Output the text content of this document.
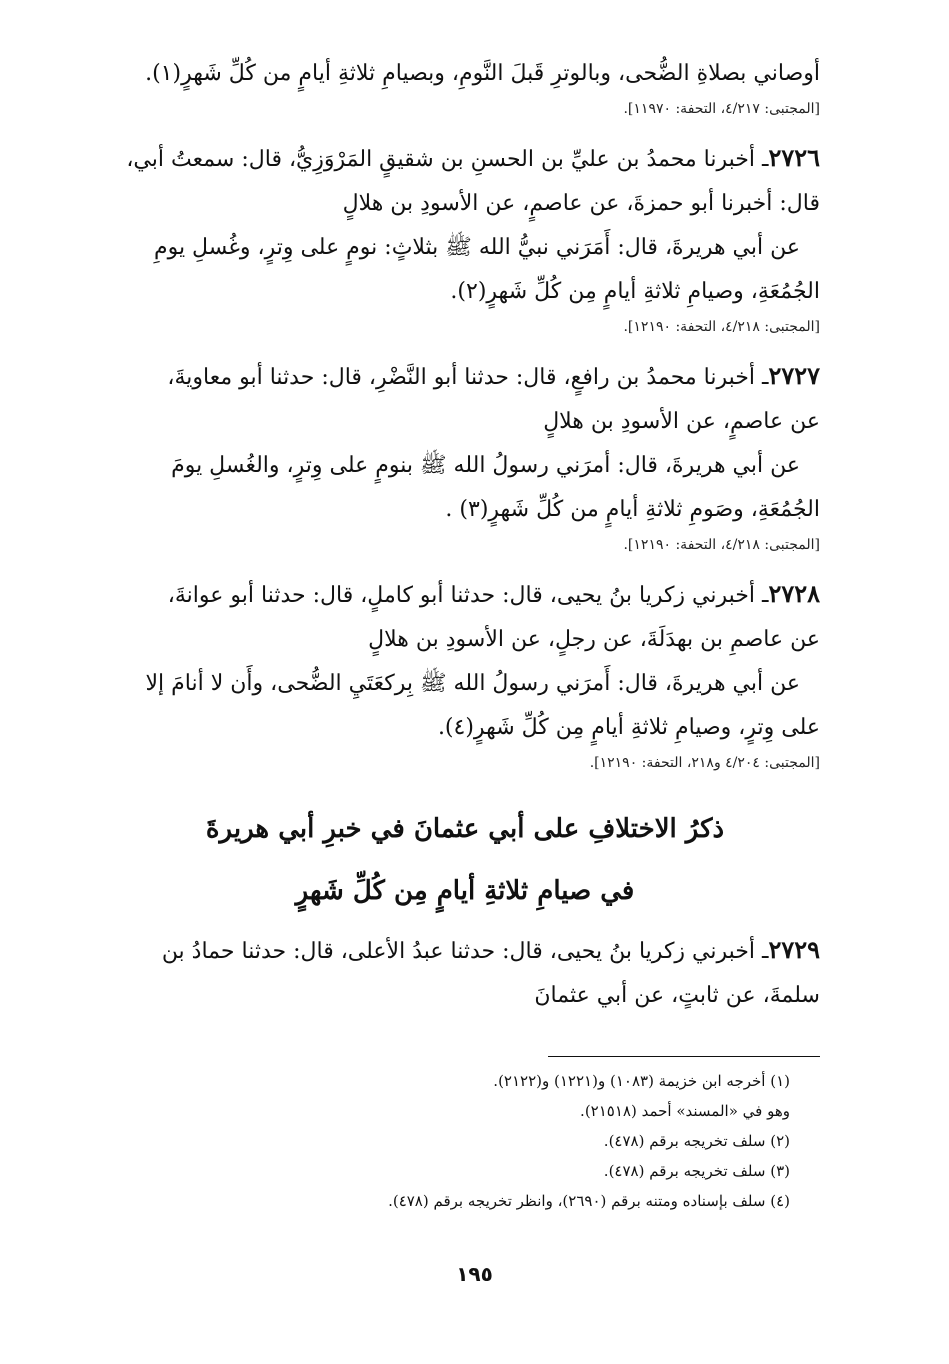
أوصاني بصلاةِ الضُّحى، وبالوترِ قَبلَ النَّومِ، وبصيامِ ثلاثةِ أيامٍ من كُلِّ شَهرٍ(١).
[المجتبى: ٤/٢١٧، التحفة: ١١٩٧٠].
٢٧٢٦ـ أخبرنا محمدُ بن عليِّ بن الحسنِ بن شقيقٍ المَرْوَزِيُّ، قال: سمعتُ أبي،
قال: أخبرنا أبو حمزةَ، عن عاصمٍ، عن الأسودِ بن هلالٍ
عن أبي هريرةَ، قال: أَمَرَني نبيُّ الله ﷺ بثلاثٍ: نومٍ على وِترٍ، وغُسلِ يومِ
الجُمُعَةِ، وصيامِ ثلاثةِ أيامٍ مِن كُلِّ شَهرٍ(٢).
[المجتبى: ٤/٢١٨، التحفة: ١٢١٩٠].
٢٧٢٧ـ أخبرنا محمدُ بن رافعٍ، قال: حدثنا أبو النَّضْرِ، قال: حدثنا أبو معاويةَ،
عن عاصمٍ، عن الأسودِ بن هلالٍ
عن أبي هريرةَ، قال: أمرَني رسولُ الله ﷺ بنومٍ على وِترٍ، والغُسلِ يومَ
الجُمُعَةِ، وصَومِ ثلاثةِ أيامٍ من كُلِّ شَهرٍ(٣) .
[المجتبى: ٤/٢١٨، التحفة: ١٢١٩٠].
٢٧٢٨ـ أخبرني زكريا بنُ يحيى، قال: حدثنا أبو كاملٍ، قال: حدثنا أبو عوانةَ،
عن عاصمِ بن بهدَلَةَ، عن رجلٍ، عن الأسودِ بن هلالٍ
عن أبي هريرةَ، قال: أَمرَني رسولُ الله ﷺ بِركعَتَيِ الضُّحى، وأَن لا أنامَ إلا
على وِترٍ، وصيامِ ثلاثةِ أيامٍ مِن كُلِّ شَهرٍ(٤).
[المجتبى: ٤/٢٠٤ و٢١٨، التحفة: ١٢١٩٠].
ذكرُ الاختلافِ على أبي عثمانَ في خبرِ أبي هريرةَ
في صيامِ ثلاثةِ أيامٍ مِن كُلِّ شَهرٍ
٢٧٢٩ـ أخبرني زكريا بنُ يحيى، قال: حدثنا عبدُ الأعلى، قال: حدثنا حمادُ بن
سلمةَ، عن ثابتٍ، عن أبي عثمانَ
(١) أخرجه ابن خزيمة (١٠٨٣) و(١٢٢١) و(٢١٢٢).
وهو في «المسند» أحمد (٢١٥١٨).
(٢) سلف تخريجه برقم (٤٧٨).
(٣) سلف تخريجه برقم (٤٧٨).
(٤) سلف بإسناده ومتنه برقم (٢٦٩٠)، وانظر تخريجه برقم (٤٧٨).
١٩٥
